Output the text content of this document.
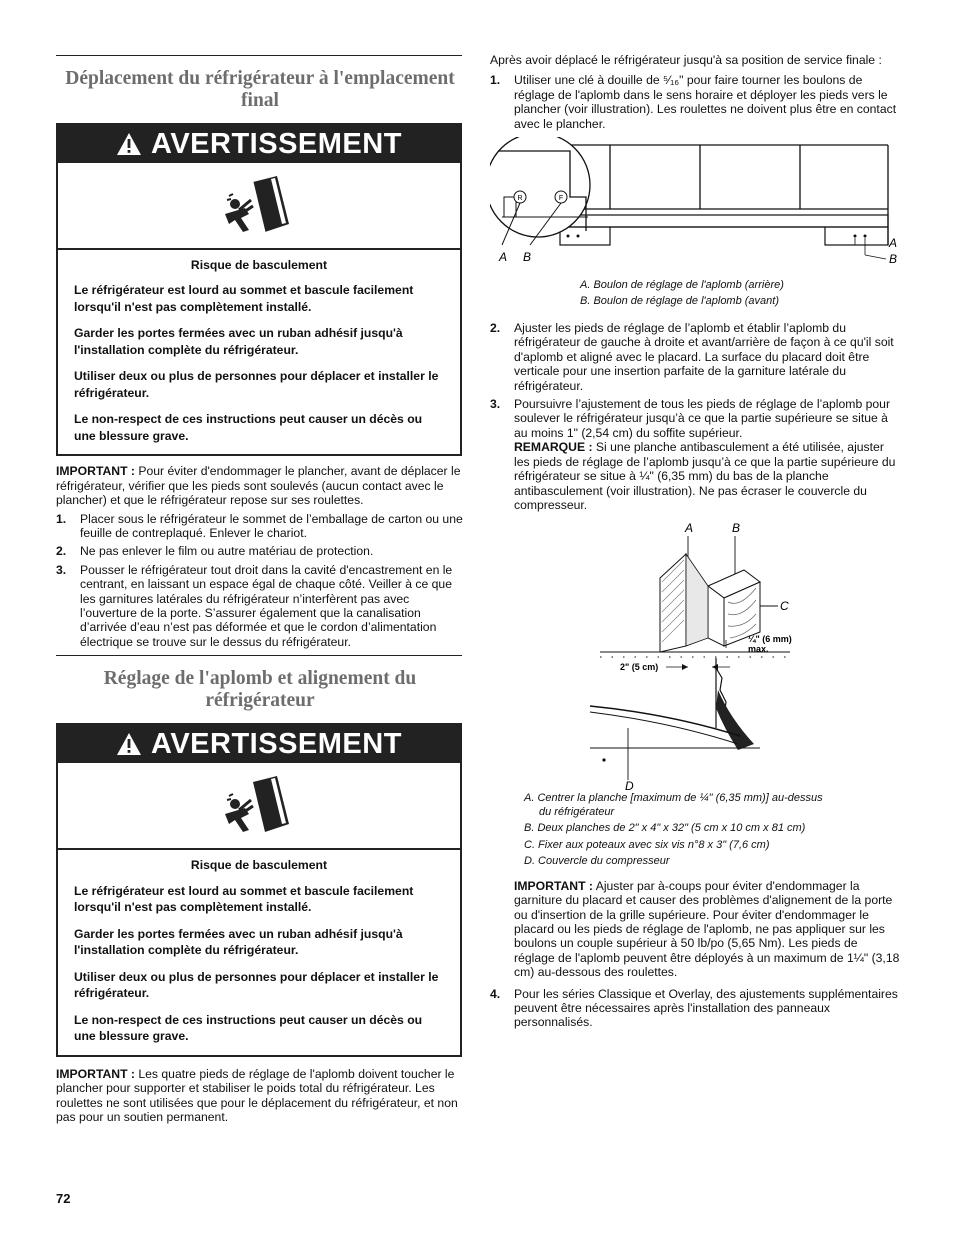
Déplacement du réfrigérateur à l'emplacement final
AVERTISSEMENT
Risque de basculement

Le réfrigérateur est lourd au sommet et bascule facilement lorsqu'il n'est pas complètement installé.

Garder les portes fermées avec un ruban adhésif jusqu'à l'installation complète du réfrigérateur.

Utiliser deux ou plus de personnes pour déplacer et installer le réfrigérateur.

Le non-respect de ces instructions peut causer un décès ou une blessure grave.

IMPORTANT : Pour éviter d'endommager le plancher, avant de déplacer le réfrigérateur, vérifier que les pieds sont soulevés (aucun contact avec le plancher) et que le réfrigérateur repose sur ses roulettes.

1.	Placer sous le réfrigérateur le sommet de l’emballage de carton ou une feuille de contreplaqué. Enlever le chariot.
2.	Ne pas enlever le film ou autre matériau de protection.
3.	Pousser le réfrigérateur tout droit dans la cavité d'encastrement en le centrant, en laissant un espace égal de chaque côté. Veiller à ce que les garnitures latérales du réfrigérateur n’interfèrent pas avec l’ouverture de la porte. S’assurer également que la canalisation d’arrivée d’eau n’est pas déformée et que le cordon d’alimentation électrique se trouve sur le dessus du réfrigérateur.
Réglage de l'aplomb et alignement du réfrigérateur
AVERTISSEMENT
Risque de basculement

Le réfrigérateur est lourd au sommet et bascule facilement lorsqu'il n'est pas complètement installé.

Garder les portes fermées avec un ruban adhésif jusqu'à l'installation complète du réfrigérateur.

Utiliser deux ou plus de personnes pour déplacer et installer le réfrigérateur.

Le non-respect de ces instructions peut causer un décès ou une blessure grave.

IMPORTANT : Les quatre pieds de réglage de l'aplomb doivent toucher le plancher pour supporter et stabiliser le poids total du réfrigérateur. Les roulettes ne sont utilisées que pour le déplacement du réfrigérateur, et non pas pour un soutien permanent.

72

Après avoir déplacé le réfrigérateur jusqu'à sa position de service finale :

1.	Utiliser une clé à douille de ⁵⁄₁₆" pour faire tourner les boulons de réglage de l'aplomb dans le sens horaire et déployer les pieds vers le plancher (voir illustration). Les roulettes ne doivent plus être en contact avec le plancher.
R	F
A B
A
B
A. Boulon de réglage de l'aplomb (arrière)
B. Boulon de réglage de l'aplomb (avant)
2.	Ajuster les pieds de réglage de l’aplomb et établir l’aplomb du réfrigérateur de gauche à droite et avant/arrière de façon à ce qu'il soit d'aplomb et aligné avec le placard. La surface du placard doit être verticale pour une insertion parfaite de la garniture latérale du réfrigérateur.
3.	Poursuivre l’ajustement de tous les pieds de réglage de l’aplomb pour soulever le réfrigérateur jusqu’à ce que la partie supérieure se situe à au moins 1" (2,54 cm) du soffite supérieur.
REMARQUE : Si une planche antibasculement a été utilisée, ajuster les pieds de réglage de l’aplomb jusqu’à ce que la partie supérieure du réfrigérateur se situe à ¼" (6,35 mm) du bas de la planche antibasculement (voir illustration). Ne pas écraser le couvercle du compresseur.
A	B
C
D
¼" (6 mm)
max.
2" (5 cm)
A. Centrer la planche [maximum de ¼" (6,35 mm)] au-dessus
du réfrigérateur
B. Deux planches de 2" x 4" x 32" (5 cm x 10 cm x 81 cm)
C. Fixer aux poteaux avec six vis n°8 x 3" (7,6 cm)
D. Couvercle du compresseur

IMPORTANT : Ajuster par à-coups pour éviter d'endommager la garniture du placard et causer des problèmes d'alignement de la porte ou d'insertion de la grille supérieure. Pour éviter d'endommager le placard ou les pieds de réglage de l'aplomb, ne pas appliquer sur les boulons un couple supérieur à 50 lb/po (5,65 Nm). Les pieds de réglage de l'aplomb peuvent être déployés à un maximum de 1¼" (3,18 cm) au-dessous des roulettes.

4.	Pour les séries Classique et Overlay, des ajustements supplémentaires peuvent être nécessaires après l'installation des panneaux personnalisés.
